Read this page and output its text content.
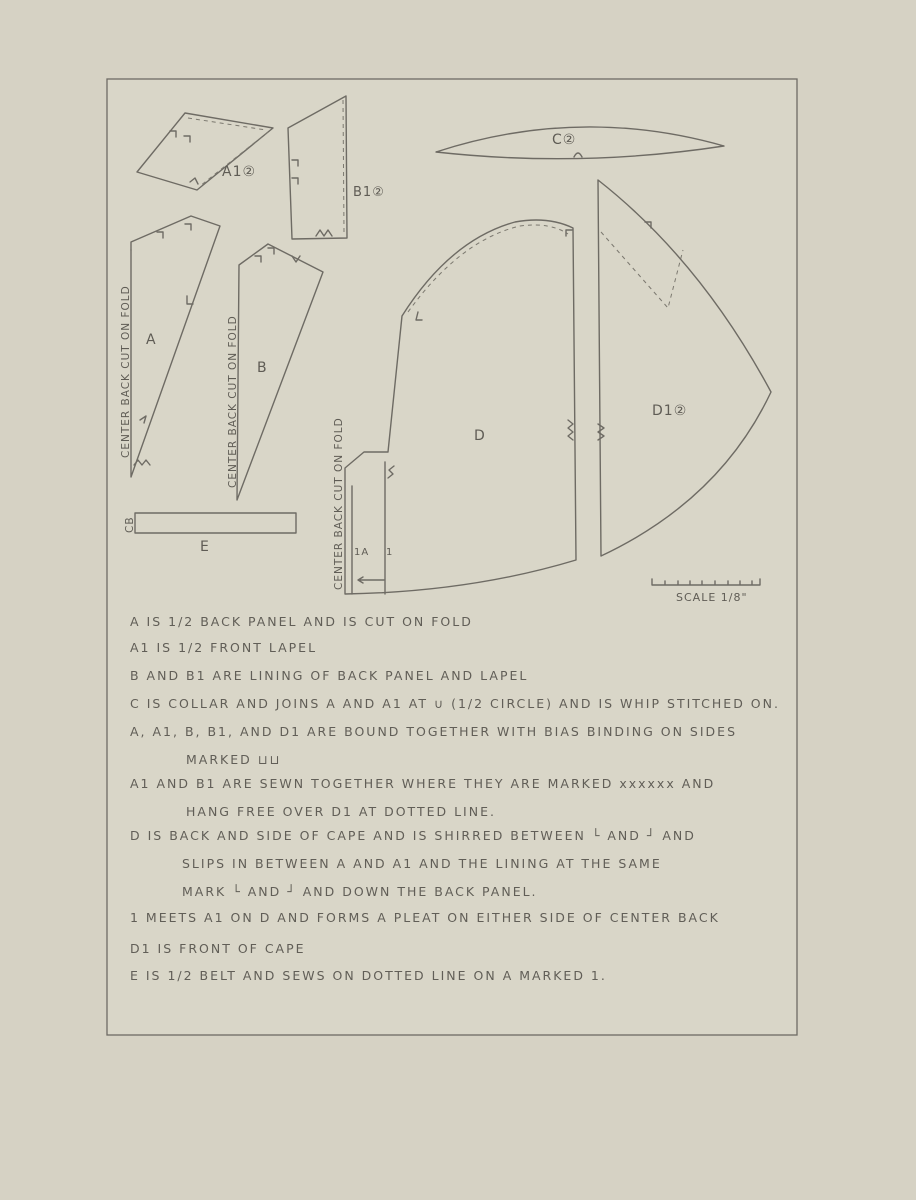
A1②
B1②
C②
A
CENTER BACK CUT ON FOLD	B
CENTER BACK CUT ON FOLD
CB
E	1A 1
D
CENTER BACK CUT ON FOLD
D1②
SCALE 1/8"
A IS 1/2 BACK PANEL AND IS CUT ON FOLD
A1 IS 1/2 FRONT LAPEL
B AND B1 ARE LINING OF BACK PANEL AND LAPEL
C IS COLLAR AND JOINS A AND A1 AT ∪ (1/2 CIRCLE) AND IS WHIP STITCHED ON.
A, A1, B, B1, AND D1 ARE BOUND TOGETHER WITH BIAS BINDING ON SIDES
MARKED ⊔⊔
A1 AND B1 ARE SEWN TOGETHER WHERE THEY ARE MARKED xxxxxx AND
HANG FREE OVER D1 AT DOTTED LINE.
D IS BACK AND SIDE OF CAPE AND IS SHIRRED BETWEEN └ AND ┘ AND
SLIPS IN BETWEEN A AND A1 AND THE LINING AT THE SAME
MARK └ AND ┘ AND DOWN THE BACK PANEL.
1 MEETS A1 ON D AND FORMS A PLEAT ON EITHER SIDE OF CENTER BACK
D1 IS FRONT OF CAPE
E IS 1/2 BELT AND SEWS ON DOTTED LINE ON A MARKED 1.
